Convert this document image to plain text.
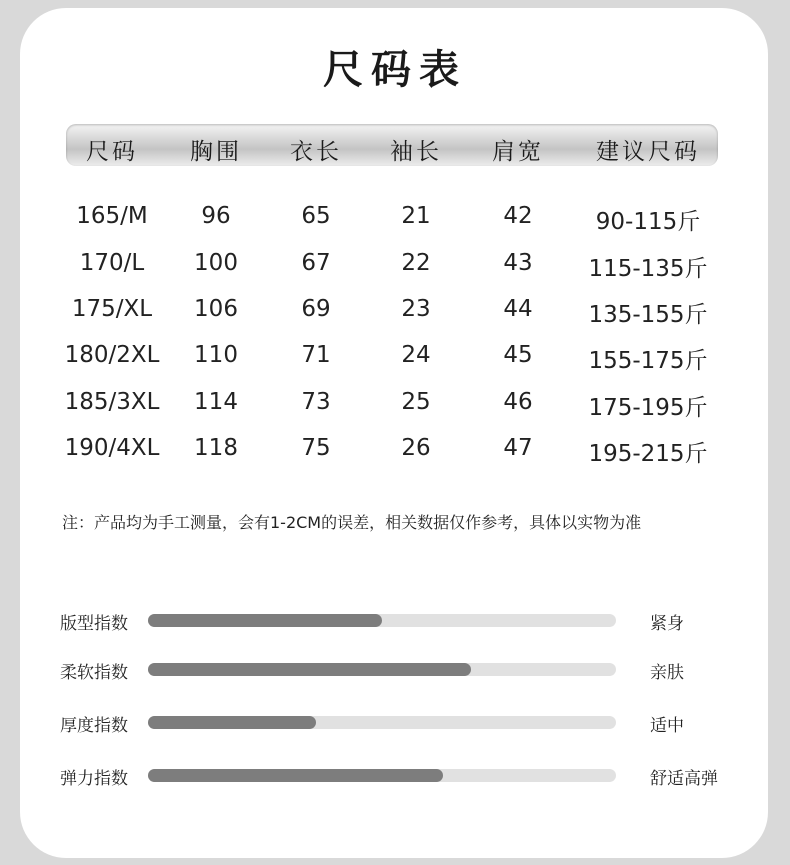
尺码表
尺码	胸围	衣长	袖长	肩宽	建议尺码
165/M	96	65	21	42	90-115斤
170/L	100	67	22	43	115-135斤
175/XL	106	69	23	44	135-155斤
180/2XL	110	71	24	45	155-175斤
185/3XL	114	73	25	46	175-195斤
190/4XL	118	75	26	47	195-215斤
注：产品均为手工测量，会有1-2CM的误差，相关数据仅作参考，具体以实物为准
版型指数	紧身
柔软指数	亲肤
厚度指数	适中
弹力指数	舒适高弹
